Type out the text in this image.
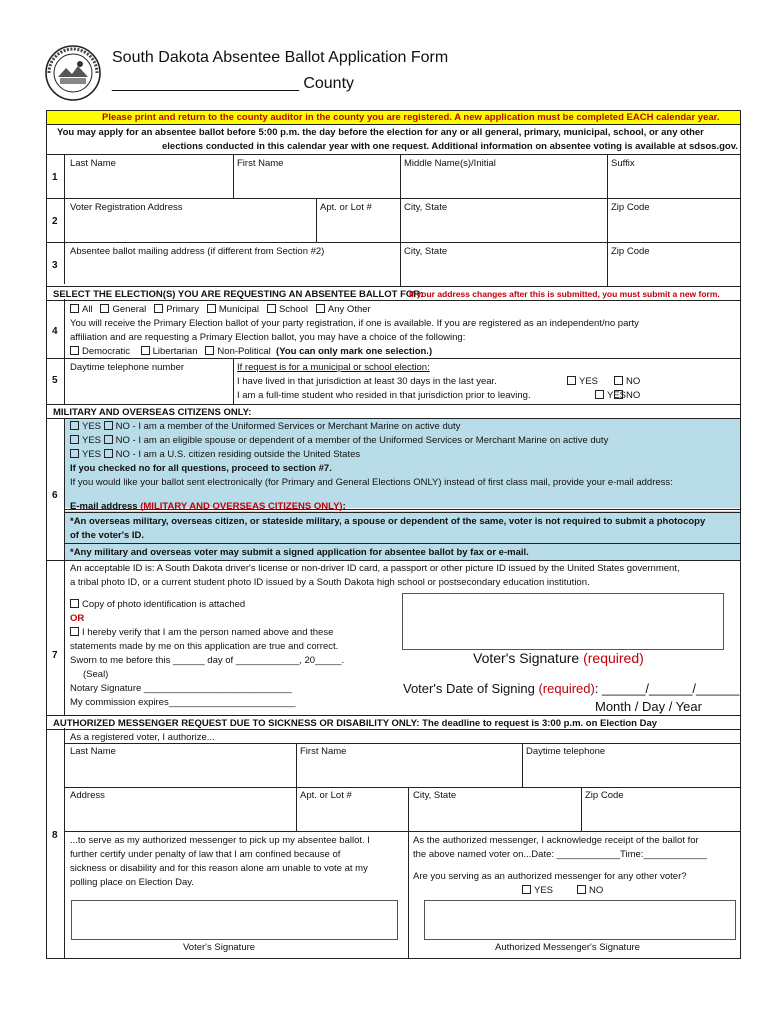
South Dakota Absentee Ballot Application Form
_____________________ County
Please print and return to the county auditor in the county you are registered. A new application must be completed EACH calendar year.
You may apply for an absentee ballot before 5:00 p.m. the day before the election for any or all general, primary, municipal, school, or any other
elections conducted in this calendar year with one request. Additional information on absentee voting is available at sdsos.gov.
1
Last Name	First Name	Middle Name(s)/Initial	Suffix
2
Voter Registration Address	Apt. or Lot #	City, State	Zip Code
3
Absentee ballot mailing address (if different from Section #2)	City, State	Zip Code
SELECT THE ELECTION(S) YOU ARE REQUESTING AN ABSENTEE BALLOT FOR:
If your address changes after this is submitted, you must submit a new form.
4
All General Primary Municipal School Any Other
You will receive the Primary Election ballot of your party registration, if one is available. If you are registered as an independent/no party
affiliation and are requesting a Primary Election ballot, you may have a choice of the following:
Democratic Libertarian Non-Political (You can only mark one selection.)
5
Daytime telephone number	If request is for a municipal or school election:
I have lived in that jurisdiction at least 30 days in the last year.	YES	NO
I am a full-time student who resided in that jurisdiction prior to leaving.	YES NO
MILITARY AND OVERSEAS CITIZENS ONLY:
6
YES NO - I am a member of the Uniformed Services or Merchant Marine on active duty
YES NO - I am an eligible spouse or dependent of a member of the Uniformed Services or Merchant Marine on active duty
YES NO - I am a U.S. citizen residing outside the United States
If you checked no for all questions, proceed to section #7.
If you would like your ballot sent electronically (for Primary and General Elections ONLY) instead of first class mail, provide your e-mail address:
E-mail address (MILITARY AND OVERSEAS CITIZENS ONLY):
*An overseas military, overseas citizen, or stateside military, a spouse or dependent of the same, voter is not required to submit a photocopy
of the voter's ID.
*Any military and overseas voter may submit a signed application for absentee ballot by fax or e-mail.
7
An acceptable ID is: A South Dakota driver's license or non-driver ID card, a passport or other picture ID issued by the United States government,
a tribal photo ID, or a current student photo ID issued by a South Dakota high school or postsecondary education institution.
Copy of photo identification is attached
OR
I hereby verify that I am the person named above and these
statements made by me on this application are true and correct.
Sworn to me before this ______ day of ____________, 20_____.
(Seal)
Notary Signature ____________________________
My commission expires________________________
Voter's Signature (required)
Voter's Date of Signing (required): ______/______/______
Month / Day / Year
AUTHORIZED MESSENGER REQUEST DUE TO SICKNESS OR DISABILITY ONLY: The deadline to request is 3:00 p.m. on Election Day
8
As a registered voter, I authorize...
Last Name	First Name	Daytime telephone
Address	Apt. or Lot #	City, State	Zip Code
...to serve as my authorized messenger to pick up my absentee ballot. I
further certify under penalty of law that I am confined because of
sickness or disability and for this reason alone am unable to vote at my
polling place on Election Day.
As the authorized messenger, I acknowledge receipt of the ballot for
the above named voter on...Date: ____________Time:____________
Are you serving as an authorized messenger for any other voter?
YES	NO
Voter's Signature	Authorized Messenger's Signature
